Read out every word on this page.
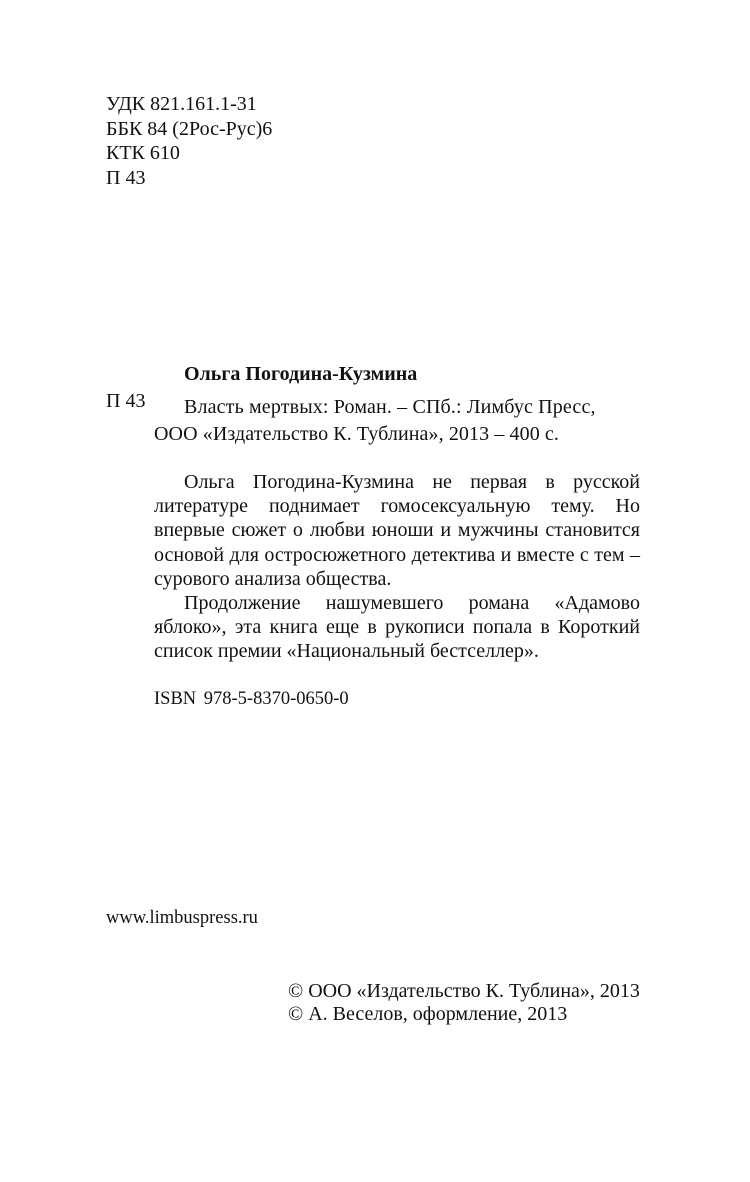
УДК 821.161.1-31
ББК 84 (2Рос-Рус)6
КТК 610
П 43
Ольга Погодина-Кузмина
П 43 Власть мертвых: Роман. – СПб.: Лимбус Пресс,
ООО «Издательство К. Тублина», 2013 – 400 с.

Ольга Погодина-Кузмина не первая в русской литературе поднимает гомосексуальную тему. Но впервые сюжет о любви юноши и мужчины становится основой для остросюжетного детектива и вместе с тем – сурового анализа общества.

Продолжение нашумевшего романа «Адамово яблоко», эта книга еще в рукописи попала в Короткий список премии «Национальный бестселлер».

ISBN 978-5-8370-0650-0
www.limbuspress.ru
© ООО «Издательство К. Тублина», 2013
© А. Веселов, оформление, 2013
